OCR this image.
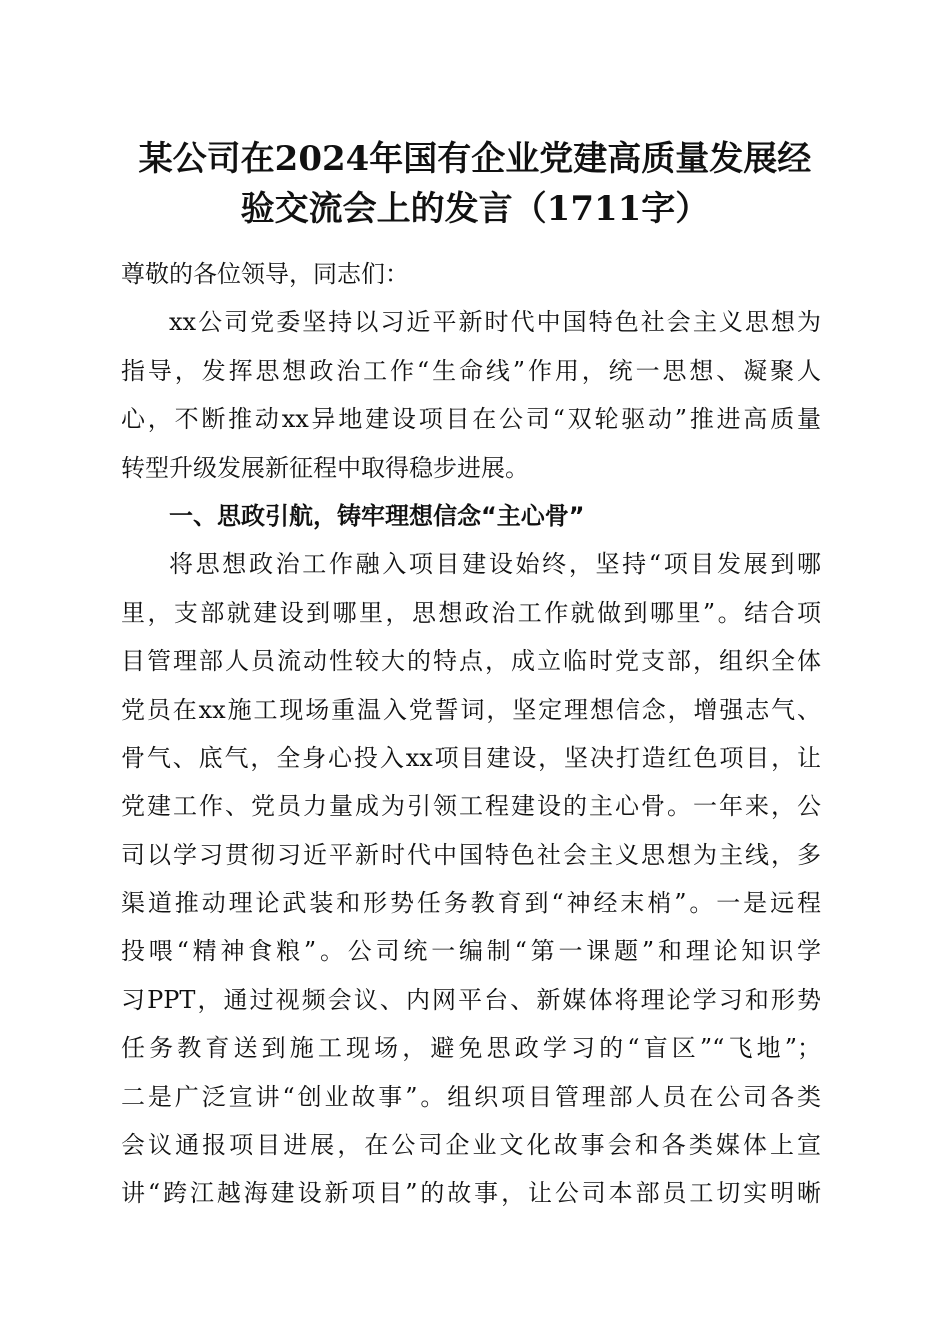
某公司在2024年国有企业党建高质量发展经
验交流会上的发言（1711字）
尊敬的各位领导，同志们：
xx公司党委坚持以习近平新时代中国特色社会主义思想为
指导，发挥思想政治工作“生命线”作用，统一思想、凝聚人
心，不断推动xx异地建设项目在公司“双轮驱动”推进高质量
转型升级发展新征程中取得稳步进展。
一、思政引航，铸牢理想信念“主心骨”
将思想政治工作融入项目建设始终，坚持“项目发展到哪
里，支部就建设到哪里，思想政治工作就做到哪里”。结合项
目管理部人员流动性较大的特点，成立临时党支部，组织全体
党员在xx施工现场重温入党誓词，坚定理想信念，增强志气、
骨气、底气，全身心投入xx项目建设，坚决打造红色项目，让
党建工作、党员力量成为引领工程建设的主心骨。一年来，公
司以学习贯彻习近平新时代中国特色社会主义思想为主线，多
渠道推动理论武装和形势任务教育到“神经末梢”。一是远程
投喂“精神食粮”。公司统一编制“第一课题”和理论知识学
习PPT，通过视频会议、内网平台、新媒体将理论学习和形势
任务教育送到施工现场，避免思政学习的“盲区”“飞地”；
二是广泛宣讲“创业故事”。组织项目管理部人员在公司各类
会议通报项目进展，在公司企业文化故事会和各类媒体上宣
讲“跨江越海建设新项目”的故事，让公司本部员工切实明晰
